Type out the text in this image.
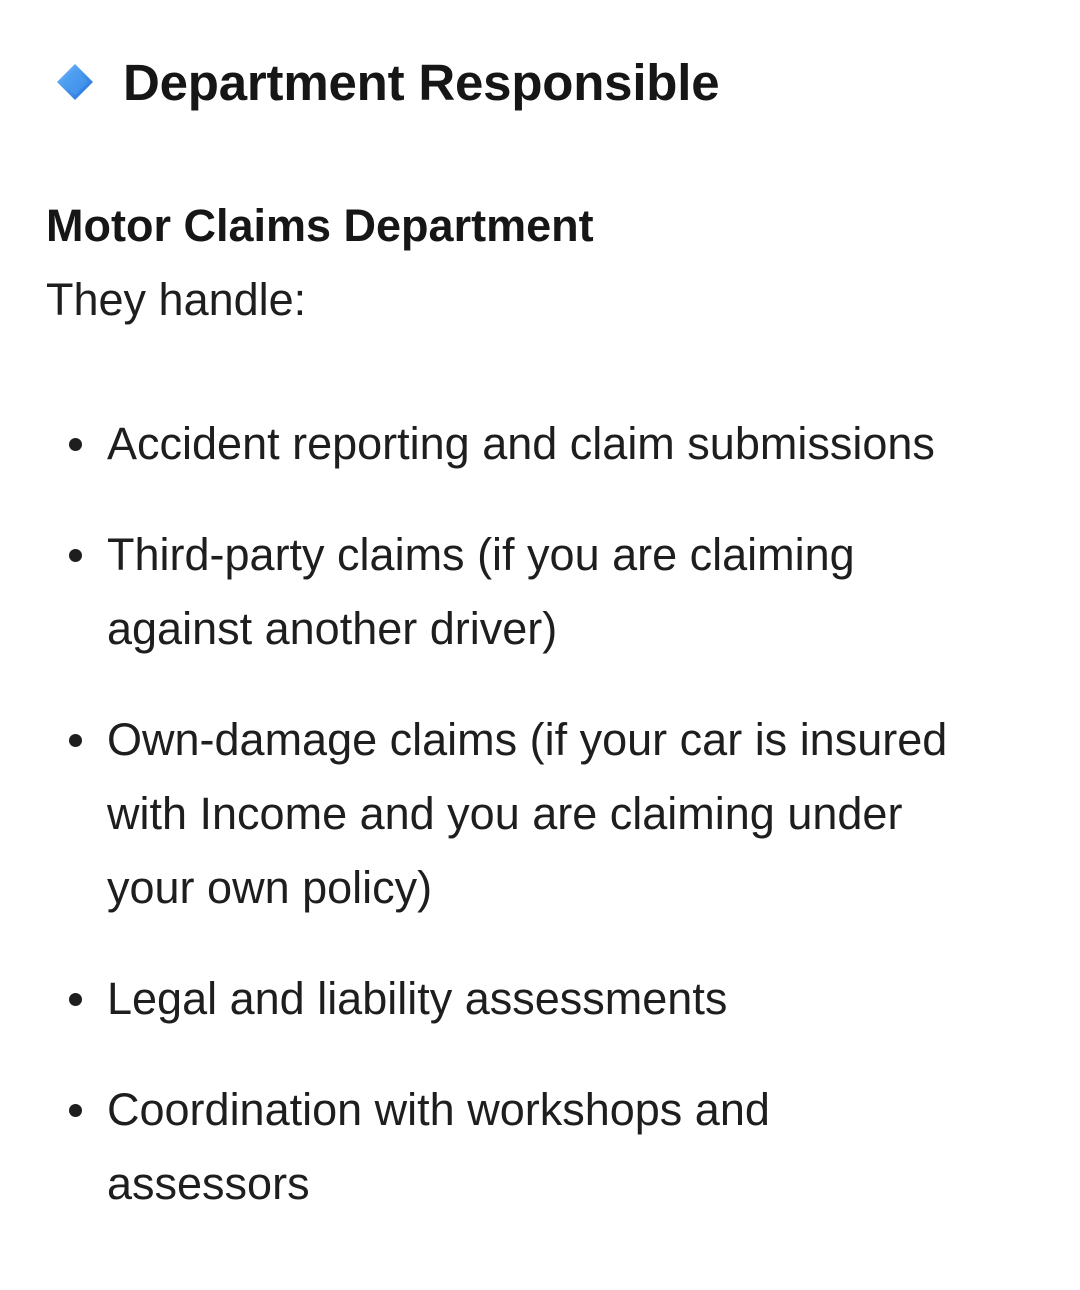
Department Responsible
Motor Claims Department
They handle:
Accident reporting and claim submissions
Third-party claims (if you are claiming
against another driver)
Own-damage claims (if your car is insured
with Income and you are claiming under
your own policy)
Legal and liability assessments
Coordination with workshops and
assessors
